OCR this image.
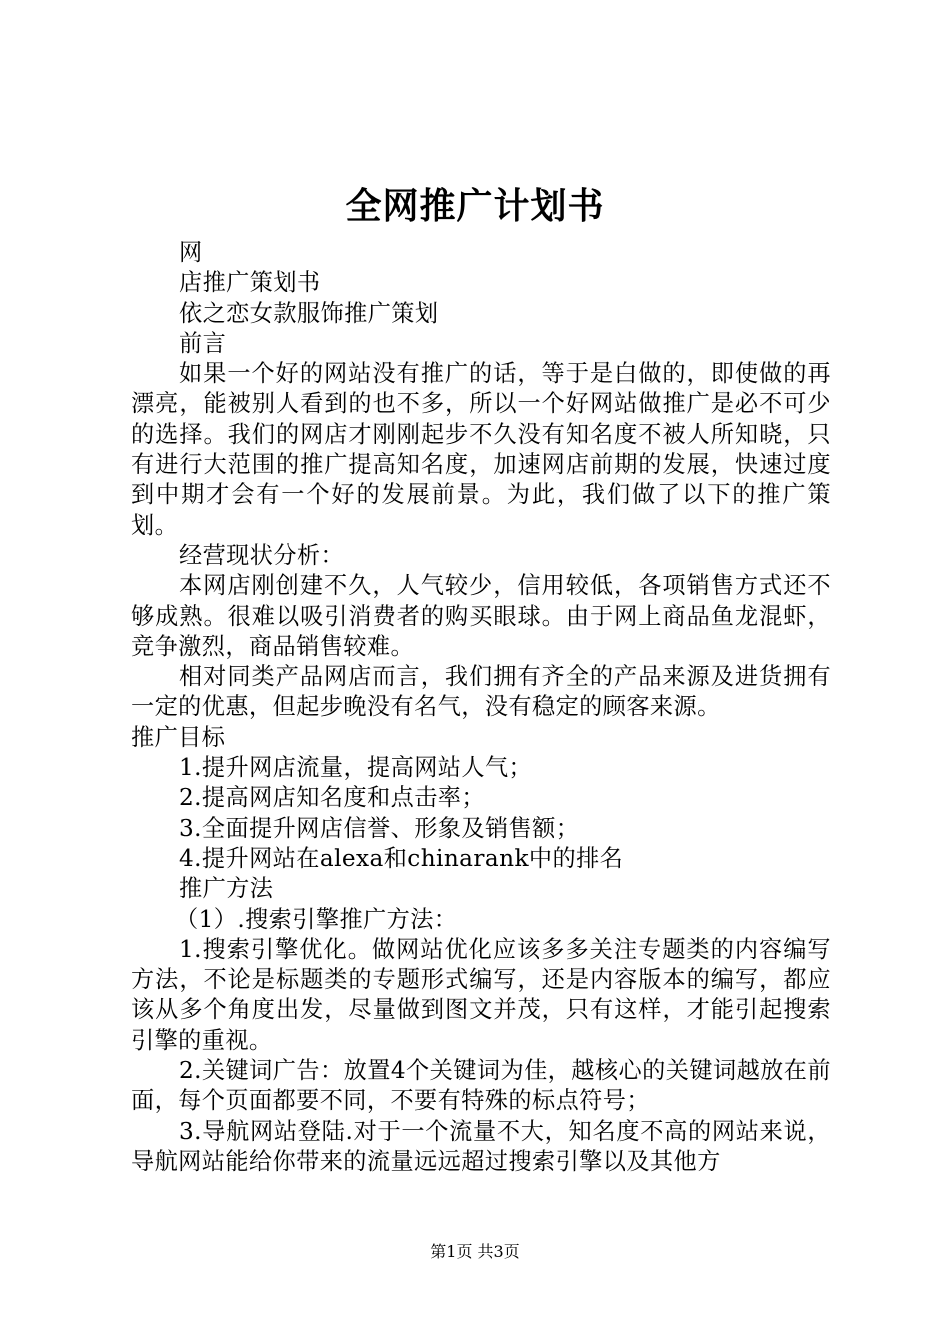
全网推广计划书

网

店推广策划书

依之恋女款服饰推广策划

前言

如果一个好的网站没有推广的话，等于是白做的，即使做的再漂亮，能被别人看到的也不多，所以一个好网站做推广是必不可少的选择。我们的网店才刚刚起步不久没有知名度不被人所知晓，只有进行大范围的推广提高知名度，加速网店前期的发展，快速过度到中期才会有一个好的发展前景。为此，我们做了以下的推广策划。

经营现状分析：

本网店刚创建不久，人气较少，信用较低，各项销售方式还不够成熟。很难以吸引消费者的购买眼球。由于网上商品鱼龙混虾，竞争激烈，商品销售较难。

相对同类产品网店而言，我们拥有齐全的产品来源及进货拥有一定的优惠，但起步晚没有名气，没有稳定的顾客来源。

推广目标

1.提升网店流量，提高网站人气；

2.提高网店知名度和点击率；

3.全面提升网店信誉、形象及销售额；

4.提升网站在alexa和chinarank中的排名

推广方法

（1）.搜索引擎推广方法：

1.搜索引擎优化。做网站优化应该多多关注专题类的内容编写方法，不论是标题类的专题形式编写，还是内容版本的编写，都应该从多个角度出发，尽量做到图文并茂，只有这样，才能引起搜索引擎的重视。

2.关键词广告：放置4个关键词为佳，越核心的关键词越放在前面，每个页面都要不同，不要有特殊的标点符号；

3.导航网站登陆.对于一个流量不大，知名度不高的网站来说，导航网站能给你带来的流量远远超过搜索引擎以及其他方

第1页 共3页
